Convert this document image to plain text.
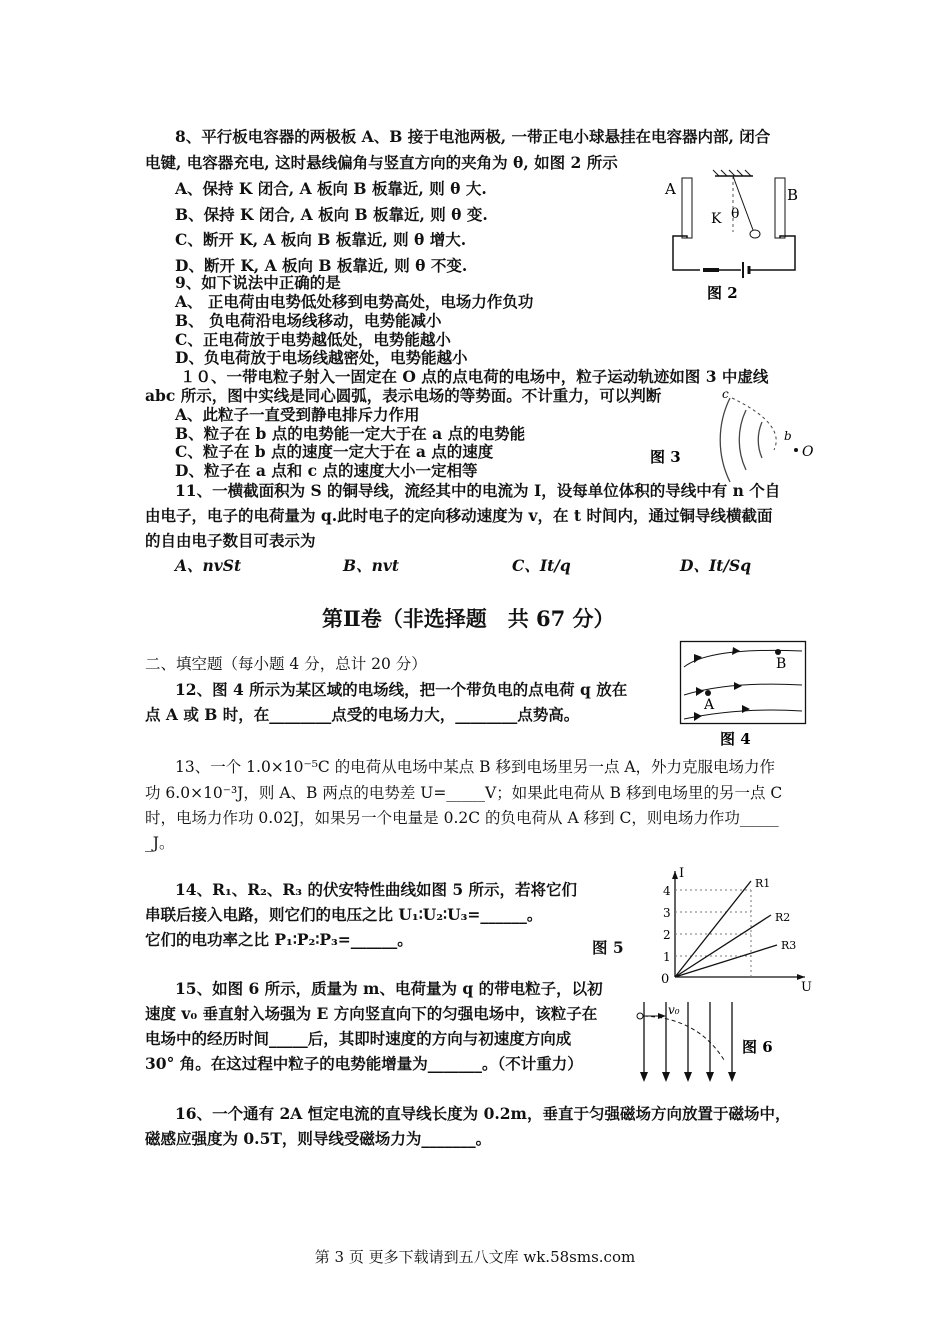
8、平行板电容器的两极板 A、B 接于电池两极, 一带正电小球悬挂在电容器内部, 闭合
电键, 电容器充电, 这时悬线偏角与竖直方向的夹角为 θ, 如图 2 所示
A、保持 K 闭合, A 板向 B 板靠近, 则 θ 大.
B、保持 K 闭合, A 板向 B 板靠近, 则 θ 变.
C、断开 K, A 板向 B 板靠近, 则 θ 增大.
D、断开 K, A 板向 B 板靠近, 则 θ 不变.
A	B
K θ
图 2
9、如下说法中正确的是
A、 正电荷由电势低处移到电势高处，电场力作负功
B、 负电荷沿电场线移动，电势能减小
C、正电荷放于电势越低处，电势能越小
D、负电荷放于电场线越密处，电势能越小
１０、一带电粒子射入一固定在 O 点的点电荷的电场中，粒子运动轨迹如图 3 中虚线
abc 所示，图中实线是同心圆弧，表示电场的等势面。不计重力，可以判断
A、此粒子一直受到静电排斥力作用
B、粒子在 b 点的电势能一定大于在 a 点的电势能
C、粒子在 b 点的速度一定大于在 a 点的速度
D、粒子在 a 点和 c 点的速度大小一定相等
c
b
O
图 3
11、一横截面积为 S 的铜导线，流经其中的电流为 I，设每单位体积的导线中有 n 个自
由电子，电子的电荷量为 q.此时电子的定向移动速度为 v，在 t 时间内，通过铜导线横截面
的自由电子数目可表示为
A、nvSt	B、nvt	C、It/q	D、It/Sq
第Ⅱ卷（非选择题　共 67 分）
二、填空题（每小题 4 分，总计 20 分）
12、图 4 所示为某区域的电场线，把一个带负电的点电荷 q 放在
点 A 或 B 时，在________点受的电场力大，________点势高。
B
A
图 4
13、一个 1.0×10⁻⁵C 的电荷从电场中某点 B 移到电场里另一点 A，外力克服电场力作
功 6.0×10⁻³J，则 A、B 两点的电势差 U=_____V；如果此电荷从 B 移到电场里的另一点 C
时，电场力作功 0.02J，如果另一个电量是 0.2C 的负电荷从 A 移到 C，则电场力作功_____
_J。
14、R₁、R₂、R₃ 的伏安特性曲线如图 5 所示，若将它们
串联后接入电路，则它们的电压之比 U₁∶U₂∶U₃=______。
它们的电功率之比 P₁∶P₂∶P₃=______。	图 5
I
U
0
1
2
3
4
R1
R2
R3
15、如图 6 所示，质量为 m、电荷量为 q 的带电粒子，以初
速度 v₀ 垂直射入场强为 E 方向竖直向下的匀强电场中，该粒子在
电场中的经历时间_____后，其即时速度的方向与初速度方向成
30° 角。在这过程中粒子的电势能增量为_______。（不计重力）
v₀
图 6
16、一个通有 2A 恒定电流的直导线长度为 0.2m，垂直于匀强磁场方向放置于磁场中，
磁感应强度为 0.5T，则导线受磁场力为_______。
第 3 页 更多下载请到五八文库 wk.58sms.com
